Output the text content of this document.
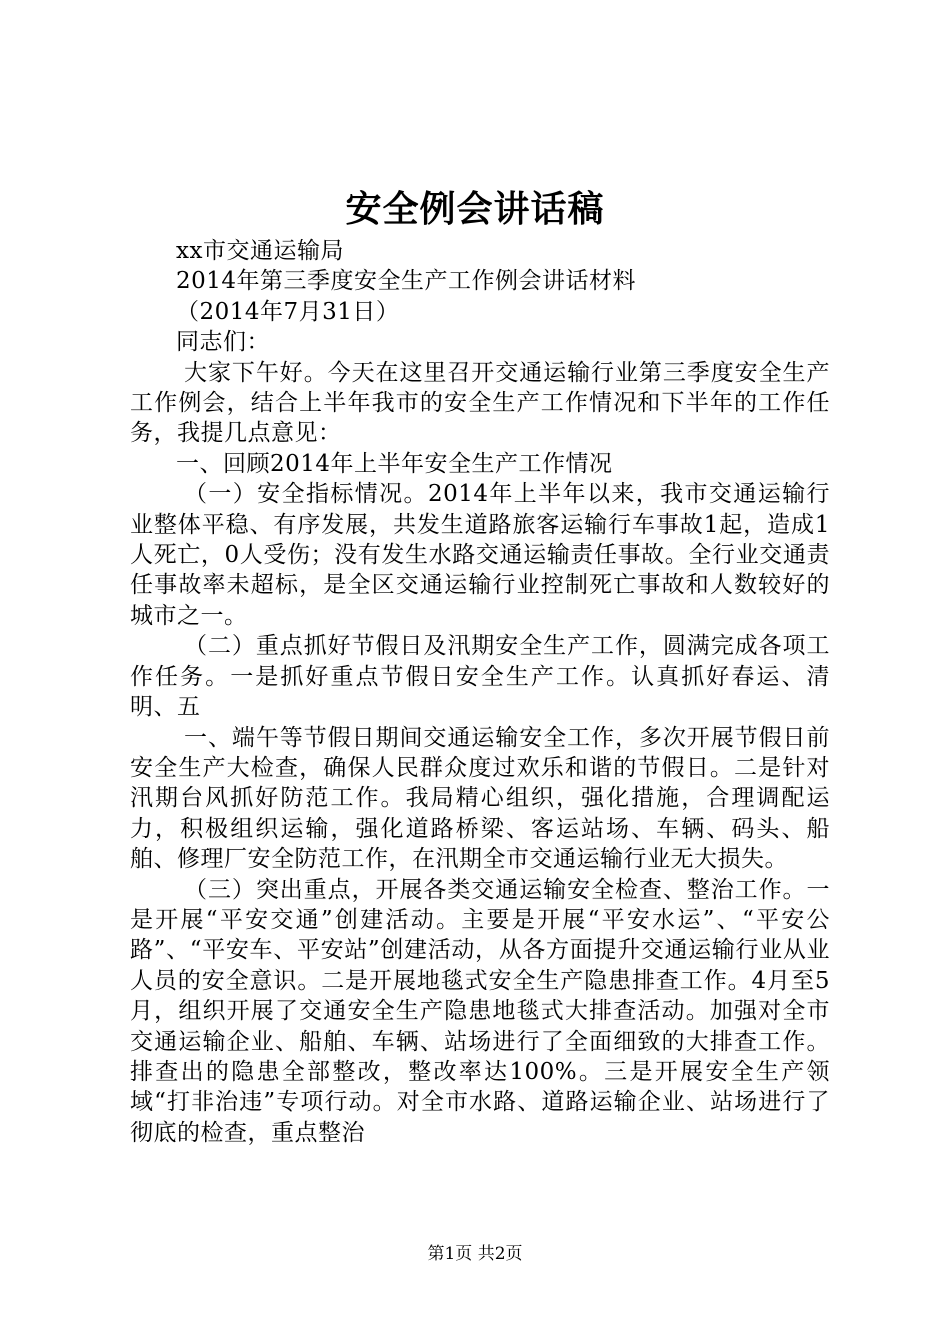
安全例会讲话稿

xx市交通运输局

2014年第三季度安全生产工作例会讲话材料

（2014年7月31日）

同志们：

大家下午好。今天在这里召开交通运输行业第三季度安全生产工作例会，结合上半年我市的安全生产工作情况和下半年的工作任务，我提几点意见：

一、回顾2014年上半年安全生产工作情况

（一）安全指标情况。2014年上半年以来，我市交通运输行业整体平稳、有序发展，共发生道路旅客运输行车事故1起，造成1人死亡，0人受伤；没有发生水路交通运输责任事故。全行业交通责任事故率未超标，是全区交通运输行业控制死亡事故和人数较好的城市之一。

（二）重点抓好节假日及汛期安全生产工作，圆满完成各项工作任务。一是抓好重点节假日安全生产工作。认真抓好春运、清明、五

一、端午等节假日期间交通运输安全工作，多次开展节假日前安全生产大检查，确保人民群众度过欢乐和谐的节假日。二是针对汛期台风抓好防范工作。我局精心组织，强化措施，合理调配运力，积极组织运输，强化道路桥梁、客运站场、车辆、码头、船舶、修理厂安全防范工作，在汛期全市交通运输行业无大损失。

（三）突出重点，开展各类交通运输安全检查、整治工作。一是开展“平安交通”创建活动。主要是开展“平安水运”、“平安公路”、“平安车、平安站”创建活动，从各方面提升交通运输行业从业人员的安全意识。二是开展地毯式安全生产隐患排查工作。4月至5月，组织开展了交通安全生产隐患地毯式大排查活动。加强对全市交通运输企业、船舶、车辆、站场进行了全面细致的大排查工作。排查出的隐患全部整改，整改率达100%。三是开展安全生产领域“打非治违”专项行动。对全市水路、道路运输企业、站场进行了彻底的检查，重点整治

第1页 共2页
